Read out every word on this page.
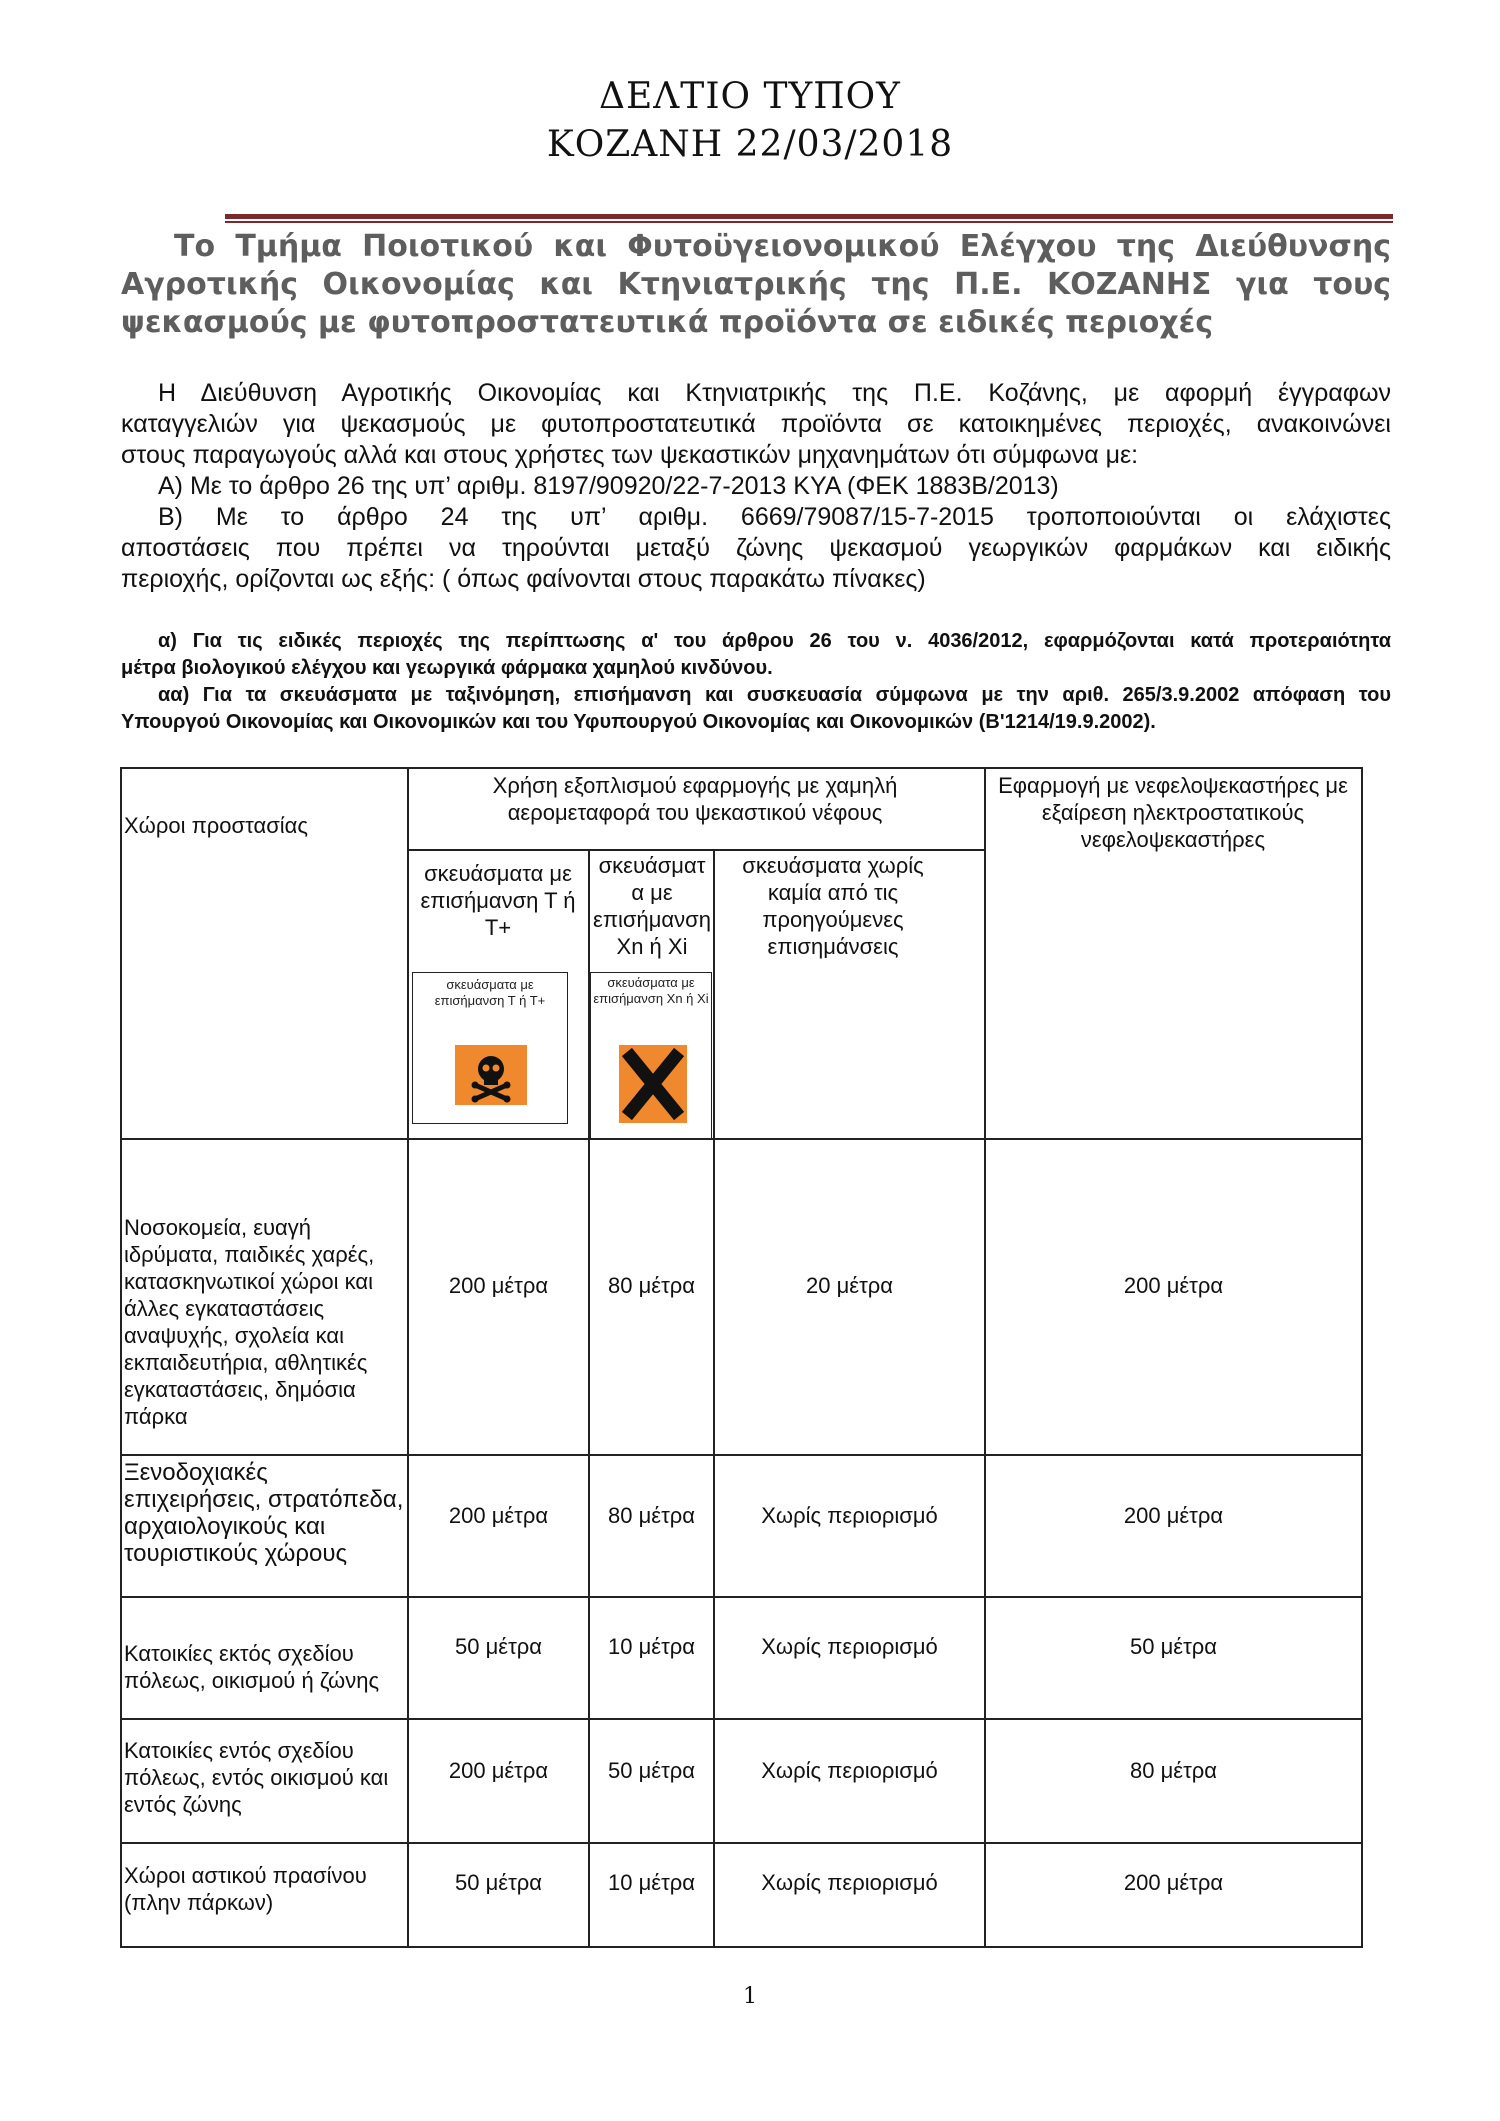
ΔΕΛΤΙΟ ΤΥΠΟΥ
ΚΟΖΑΝΗ 22/03/2018
Το Τμήμα Ποιοτικού και Φυτοϋγειονομικού Ελέγχου της Διεύθυνσης
Αγροτικής Οικονομίας και Κτηνιατρικής της Π.Ε. ΚΟΖΑΝΗΣ για τους
ψεκασμούς με φυτοπροστατευτικά προϊόντα σε ειδικές περιοχές
Η Διεύθυνση Αγροτικής Οικονομίας και Κτηνιατρικής της Π.Ε. Κοζάνης, με αφορμή έγγραφων
καταγγελιών για ψεκασμούς με φυτοπροστατευτικά προϊόντα σε κατοικημένες περιοχές, ανακοινώνει
στους παραγωγούς αλλά και στους χρήστες των ψεκαστικών μηχανημάτων ότι σύμφωνα με:
Α) Με το άρθρο 26 της υπ’ αριθμ. 8197/90920/22-7-2013 ΚΥΑ (ΦΕΚ 1883Β/2013)
Β) Με το άρθρο 24 της υπ’ αριθμ. 6669/79087/15-7-2015 τροποποιούνται οι ελάχιστες
αποστάσεις που πρέπει να τηρούνται μεταξύ ζώνης ψεκασμού γεωργικών φαρμάκων και ειδικής
περιοχής, ορίζονται ως εξής: ( όπως φαίνονται στους παρακάτω πίνακες)
α) Για τις ειδικές περιοχές της περίπτωσης α' του άρθρου 26 του ν. 4036/2012, εφαρμόζονται κατά προτεραιότητα
μέτρα βιολογικού ελέγχου και γεωργικά φάρμακα χαμηλού κινδύνου.
αα) Για τα σκευάσματα με ταξινόμηση, επισήμανση και συσκευασία σύμφωνα με την αριθ. 265/3.9.2002 απόφαση του
Υπουργού Οικονομίας και Οικονομικών και του Υφυπουργού Οικονομίας και Οικονομικών (Β'1214/19.9.2002).
Χώροι προστασίας
Χρήση εξοπλισμού εφαρμογής με χαμηλή αερομεταφορά του ψεκαστικού νέφους
Εφαρμογή με νεφελοψεκαστήρες με εξαίρεση ηλεκτροστατικούς νεφελοψεκαστήρες
σκευάσματα με επισήμανση Τ ή Τ+
σκευάσματ α με επισήμανση Xn ή Xi
σκευάσματα χωρίς καμία από τις προηγούμενες επισημάνσεις
σκευάσματα με επισήμανση Τ ή Τ+
σκευάσματα με επισήμανση Xn ή Xi
Νοσοκομεία, ευαγή ιδρύματα, παιδικές χαρές, κατασκηνωτικοί χώροι και άλλες εγκαταστάσεις αναψυχής, σχολεία και εκπαιδευτήρια, αθλητικές εγκαταστάσεις, δημόσια πάρκα
200 μέτρα	80 μέτρα	20 μέτρα	200 μέτρα
Ξενοδοχιακές επιχειρήσεις, στρατόπεδα, αρχαιολογικούς και τουριστικούς χώρους
200 μέτρα	80 μέτρα	Χωρίς περιορισμό	200 μέτρα
Κατοικίες εκτός σχεδίου πόλεως, οικισμού ή ζώνης
50 μέτρα	10 μέτρα	Χωρίς περιορισμό	50 μέτρα
Κατοικίες εντός σχεδίου πόλεως, εντός οικισμού και εντός ζώνης
200 μέτρα	50 μέτρα	Χωρίς περιορισμό	80 μέτρα
Χώροι αστικού πρασίνου (πλην πάρκων)
50 μέτρα	10 μέτρα	Χωρίς περιορισμό	200 μέτρα
1
